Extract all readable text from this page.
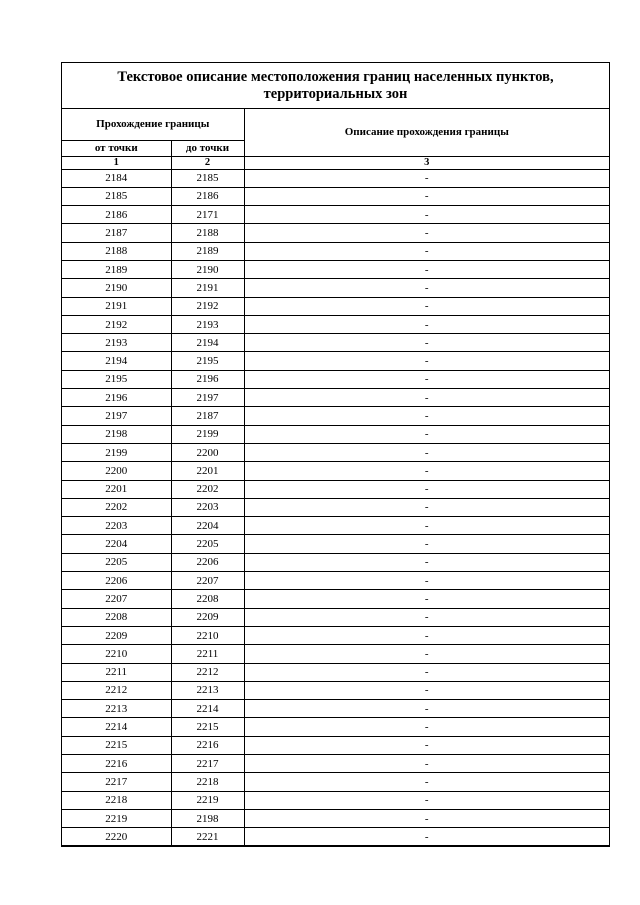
Текстовое описание местоположения границ населенных пунктов, территориальных зон
Прохождение границы		Описание прохождения границы
от точки	до точки	
1	2	3
2184	2185	-
2185	2186	-
2186	2171	-
2187	2188	-
2188	2189	-
2189	2190	-
2190	2191	-
2191	2192	-
2192	2193	-
2193	2194	-
2194	2195	-
2195	2196	-
2196	2197	-
2197	2187	-
2198	2199	-
2199	2200	-
2200	2201	-
2201	2202	-
2202	2203	-
2203	2204	-
2204	2205	-
2205	2206	-
2206	2207	-
2207	2208	-
2208	2209	-
2209	2210	-
2210	2211	-
2211	2212	-
2212	2213	-
2213	2214	-
2214	2215	-
2215	2216	-
2216	2217	-
2217	2218	-
2218	2219	-
2219	2198	-
2220	2221	-
